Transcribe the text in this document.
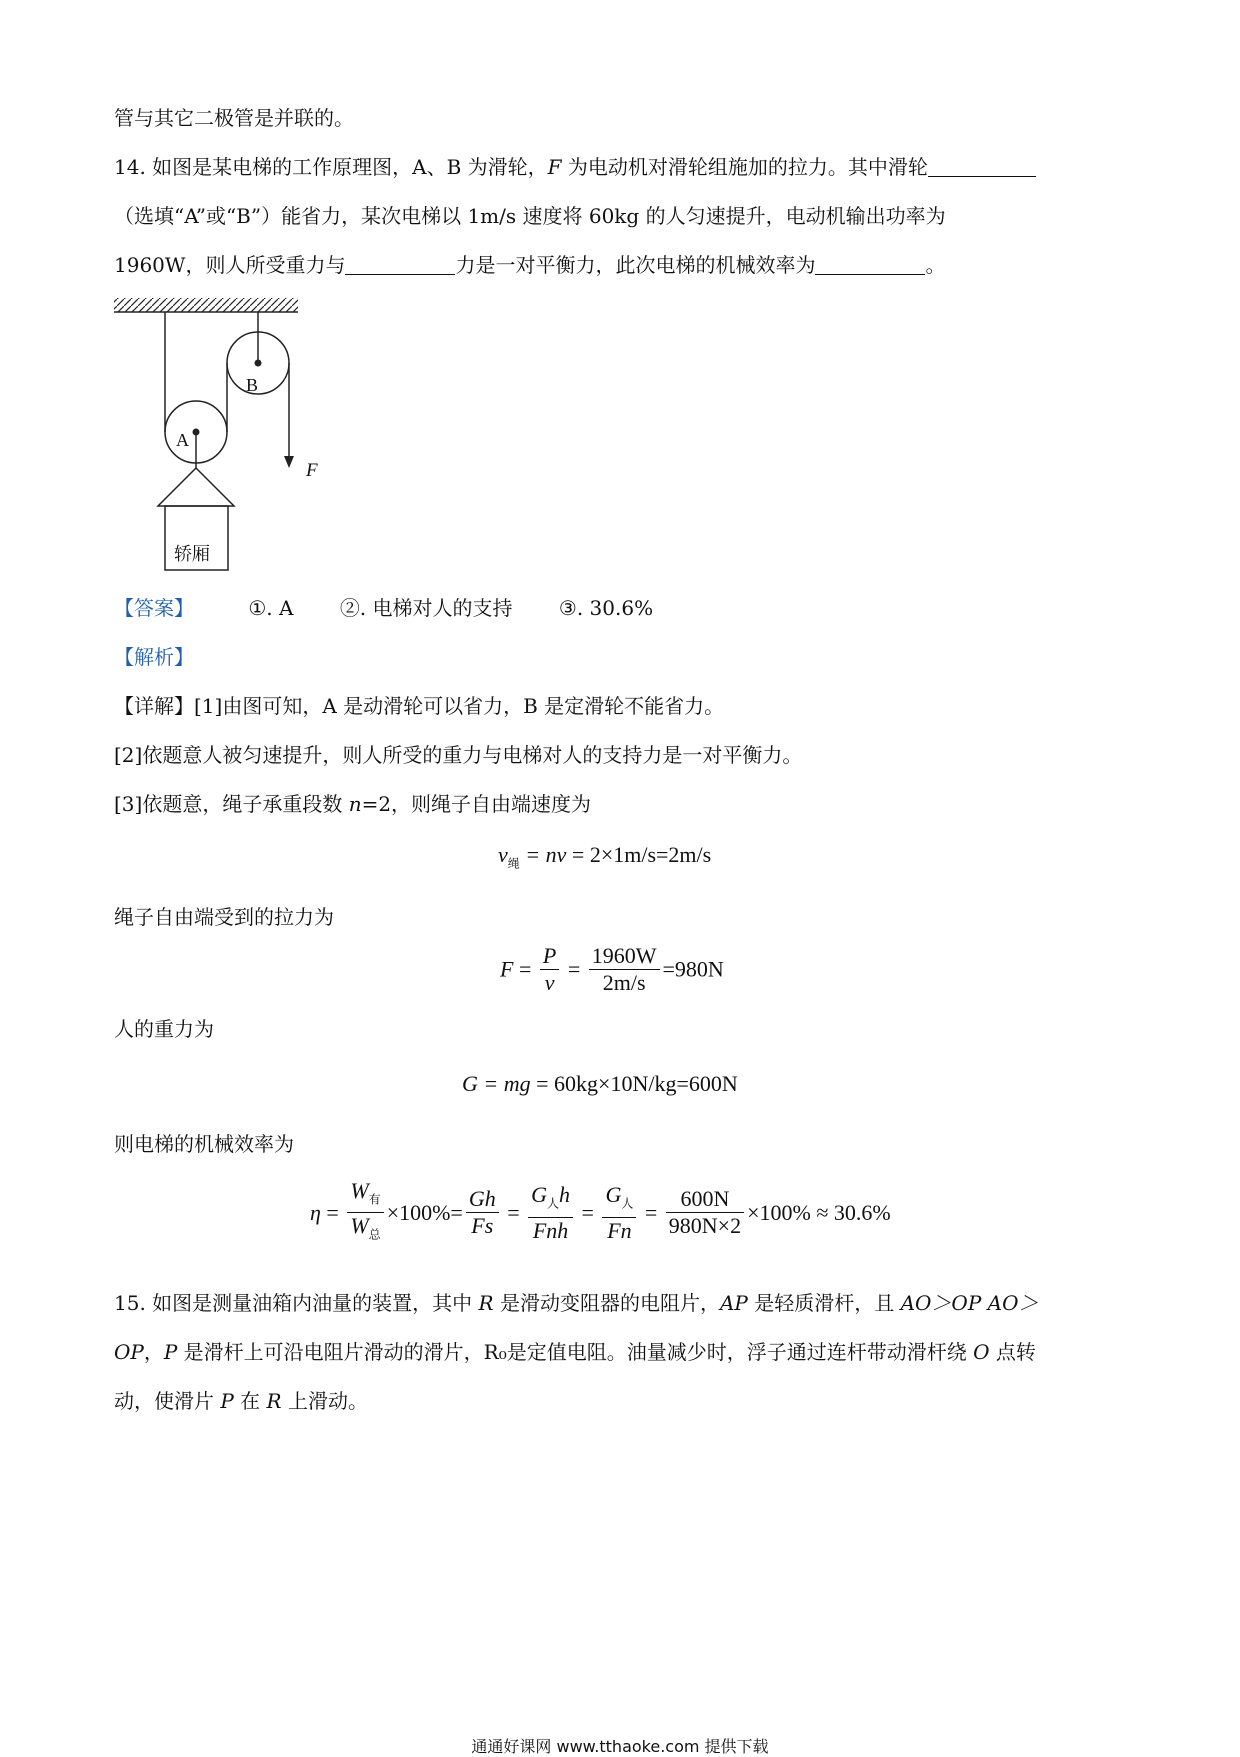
管与其它二极管是并联的。
14. 如图是某电梯的工作原理图，A、B 为滑轮，F 为电动机对滑轮组施加的拉力。其中滑轮
（选填“A”或“B”）能省力，某次电梯以 1m/s 速度将 60kg 的人匀速提升，电动机输出功率为
1960W，则人所受重力与	力是一对平衡力，此次电梯的机械效率为	。
B
A
轿厢
F
【答案】	①. A ②. 电梯对人的支持 ③. 30.6%
【解析】
【详解】[1]由图可知，A 是动滑轮可以省力，B 是定滑轮不能省力。
[2]依题意人被匀速提升，则人所受的重力与电梯对人的支持力是一对平衡力。
[3]依题意，绳子承重段数 n=2，则绳子自由端速度为
$v_绳$ = nv = 2×1m/s=2m/s
绳子自由端受到的拉力为
$F = \frac{P}{v} = \frac{1960W}{2m/s} =980N$
人的重力为
G = mg = 60kg×10N/kg=600N
则电梯的机械效率为
$\eta = \frac{W_有}{W_总} \times 100\%= \frac{Gh}{Fs} = \frac{G_人h}{\text{Fnh}} = \frac{G_人}{Fn} = \frac{600N}{980N\times 2} \times 100\% \approx 30.6\%$
15. 如图是测量油箱内油量的装置，其中 R 是滑动变阻器的电阻片，AP 是轻质滑杆，且 AO＞OP AO＞
OP，P 是滑杆上可沿电阻片滑动的滑片，R₀是定值电阻。油量减少时，浮子通过连杆带动滑杆绕 O 点转
动，使滑片 P 在 R 上滑动。
通通好课网 www.tthaoke.com 提供下载
